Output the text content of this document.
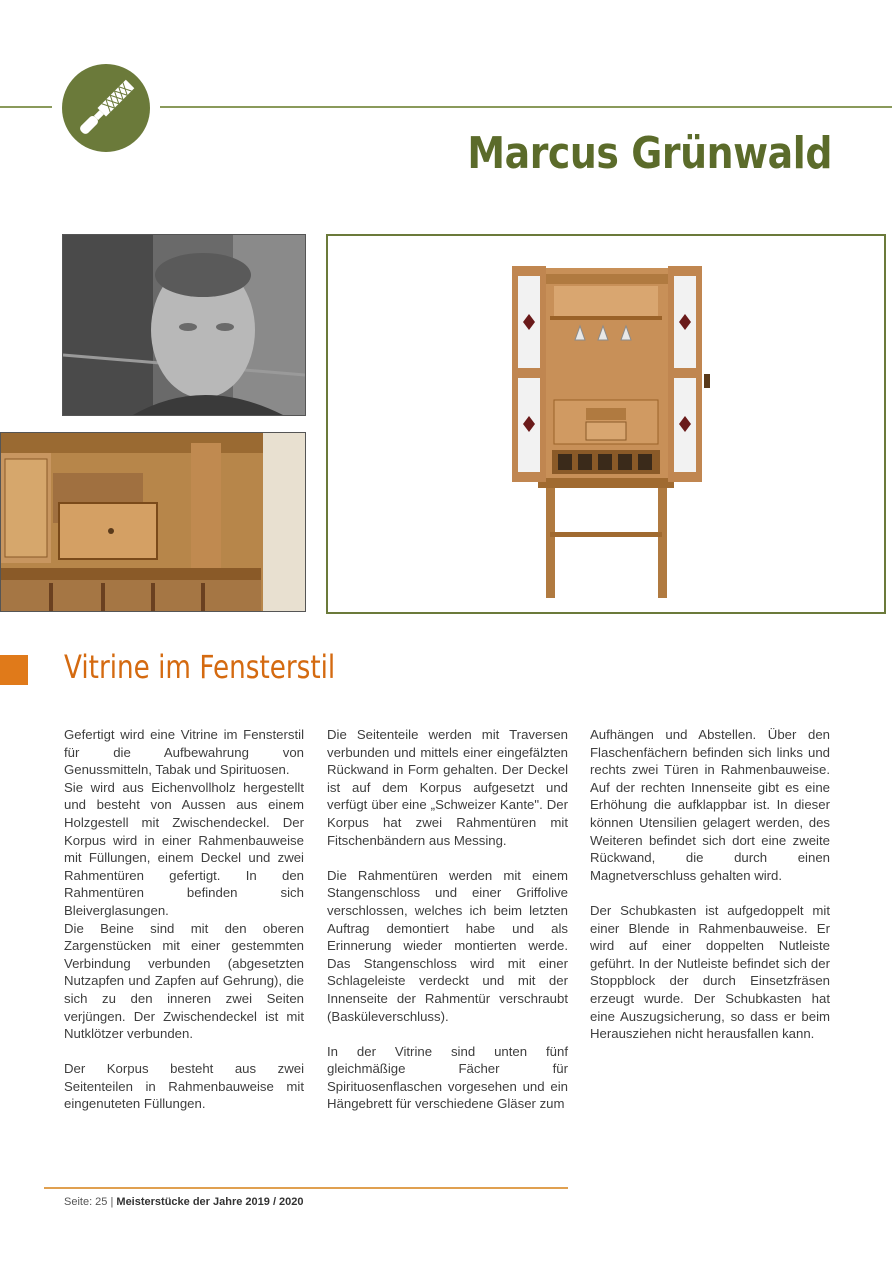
Marcus Grünwald
Vitrine im Fensterstil

Gefertigt wird eine Vitrine im Fensterstil für die Aufbewahrung von Genussmitteln, Tabak und Spirituosen.

Sie wird aus Eichenvollholz hergestellt und besteht von Aussen aus einem Holzgestell mit Zwischendeckel. Der Korpus wird in einer Rahmenbauweise mit Füllungen, einem Deckel und zwei Rahmentüren gefertigt. In den Rahmentüren befinden sich Bleiverglasungen.

Die Beine sind mit den oberen Zargenstücken mit einer gestemmten Verbindung verbunden (abgesetzten Nutzapfen und Zapfen auf Gehrung), die sich zu den inneren zwei Seiten verjüngen. Der Zwischendeckel ist mit Nutklötzer verbunden.

Der Korpus besteht aus zwei Seitenteilen in Rahmenbauweise mit eingenuteten Füllungen.

Die Seitenteile werden mit Traversen verbunden und mittels einer eingefälzten Rückwand in Form gehalten. Der Deckel ist auf dem Korpus aufgesetzt und verfügt über eine „Schweizer Kante". Der Korpus hat zwei Rahmentüren mit Fitschenbändern aus Messing.

Die Rahmentüren werden mit einem Stangenschloss und einer Griffolive verschlossen, welches ich beim letzten Auftrag demontiert habe und als Erinnerung wieder montierten werde. Das Stangenschloss wird mit einer Schlageleiste verdeckt und mit der Innenseite der Rahmentür verschraubt (Basküleverschluss).

In der Vitrine sind unten fünf gleichmäßige Fächer für Spirituosenflaschen vorgesehen und ein Hängebrett für verschiedene Gläser zum

Aufhängen und Abstellen. Über den Flaschenfächern befinden sich links und rechts zwei Türen in Rahmenbauweise. Auf der rechten Innenseite gibt es eine Erhöhung die aufklappbar ist. In dieser können Utensilien gelagert werden, des Weiteren befindet sich dort eine zweite Rückwand, die durch einen Magnetverschluss gehalten wird.

Der Schubkasten ist aufgedoppelt mit einer Blende in Rahmenbauweise. Er wird auf einer doppelten Nutleiste geführt. In der Nutleiste befindet sich der Stoppblock der durch Einsetzfräsen erzeugt wurde. Der Schubkasten hat eine Auszugsicherung, so dass er beim Herausziehen nicht herausfallen kann.

Seite: 25 | Meisterstücke der Jahre 2019 / 2020
